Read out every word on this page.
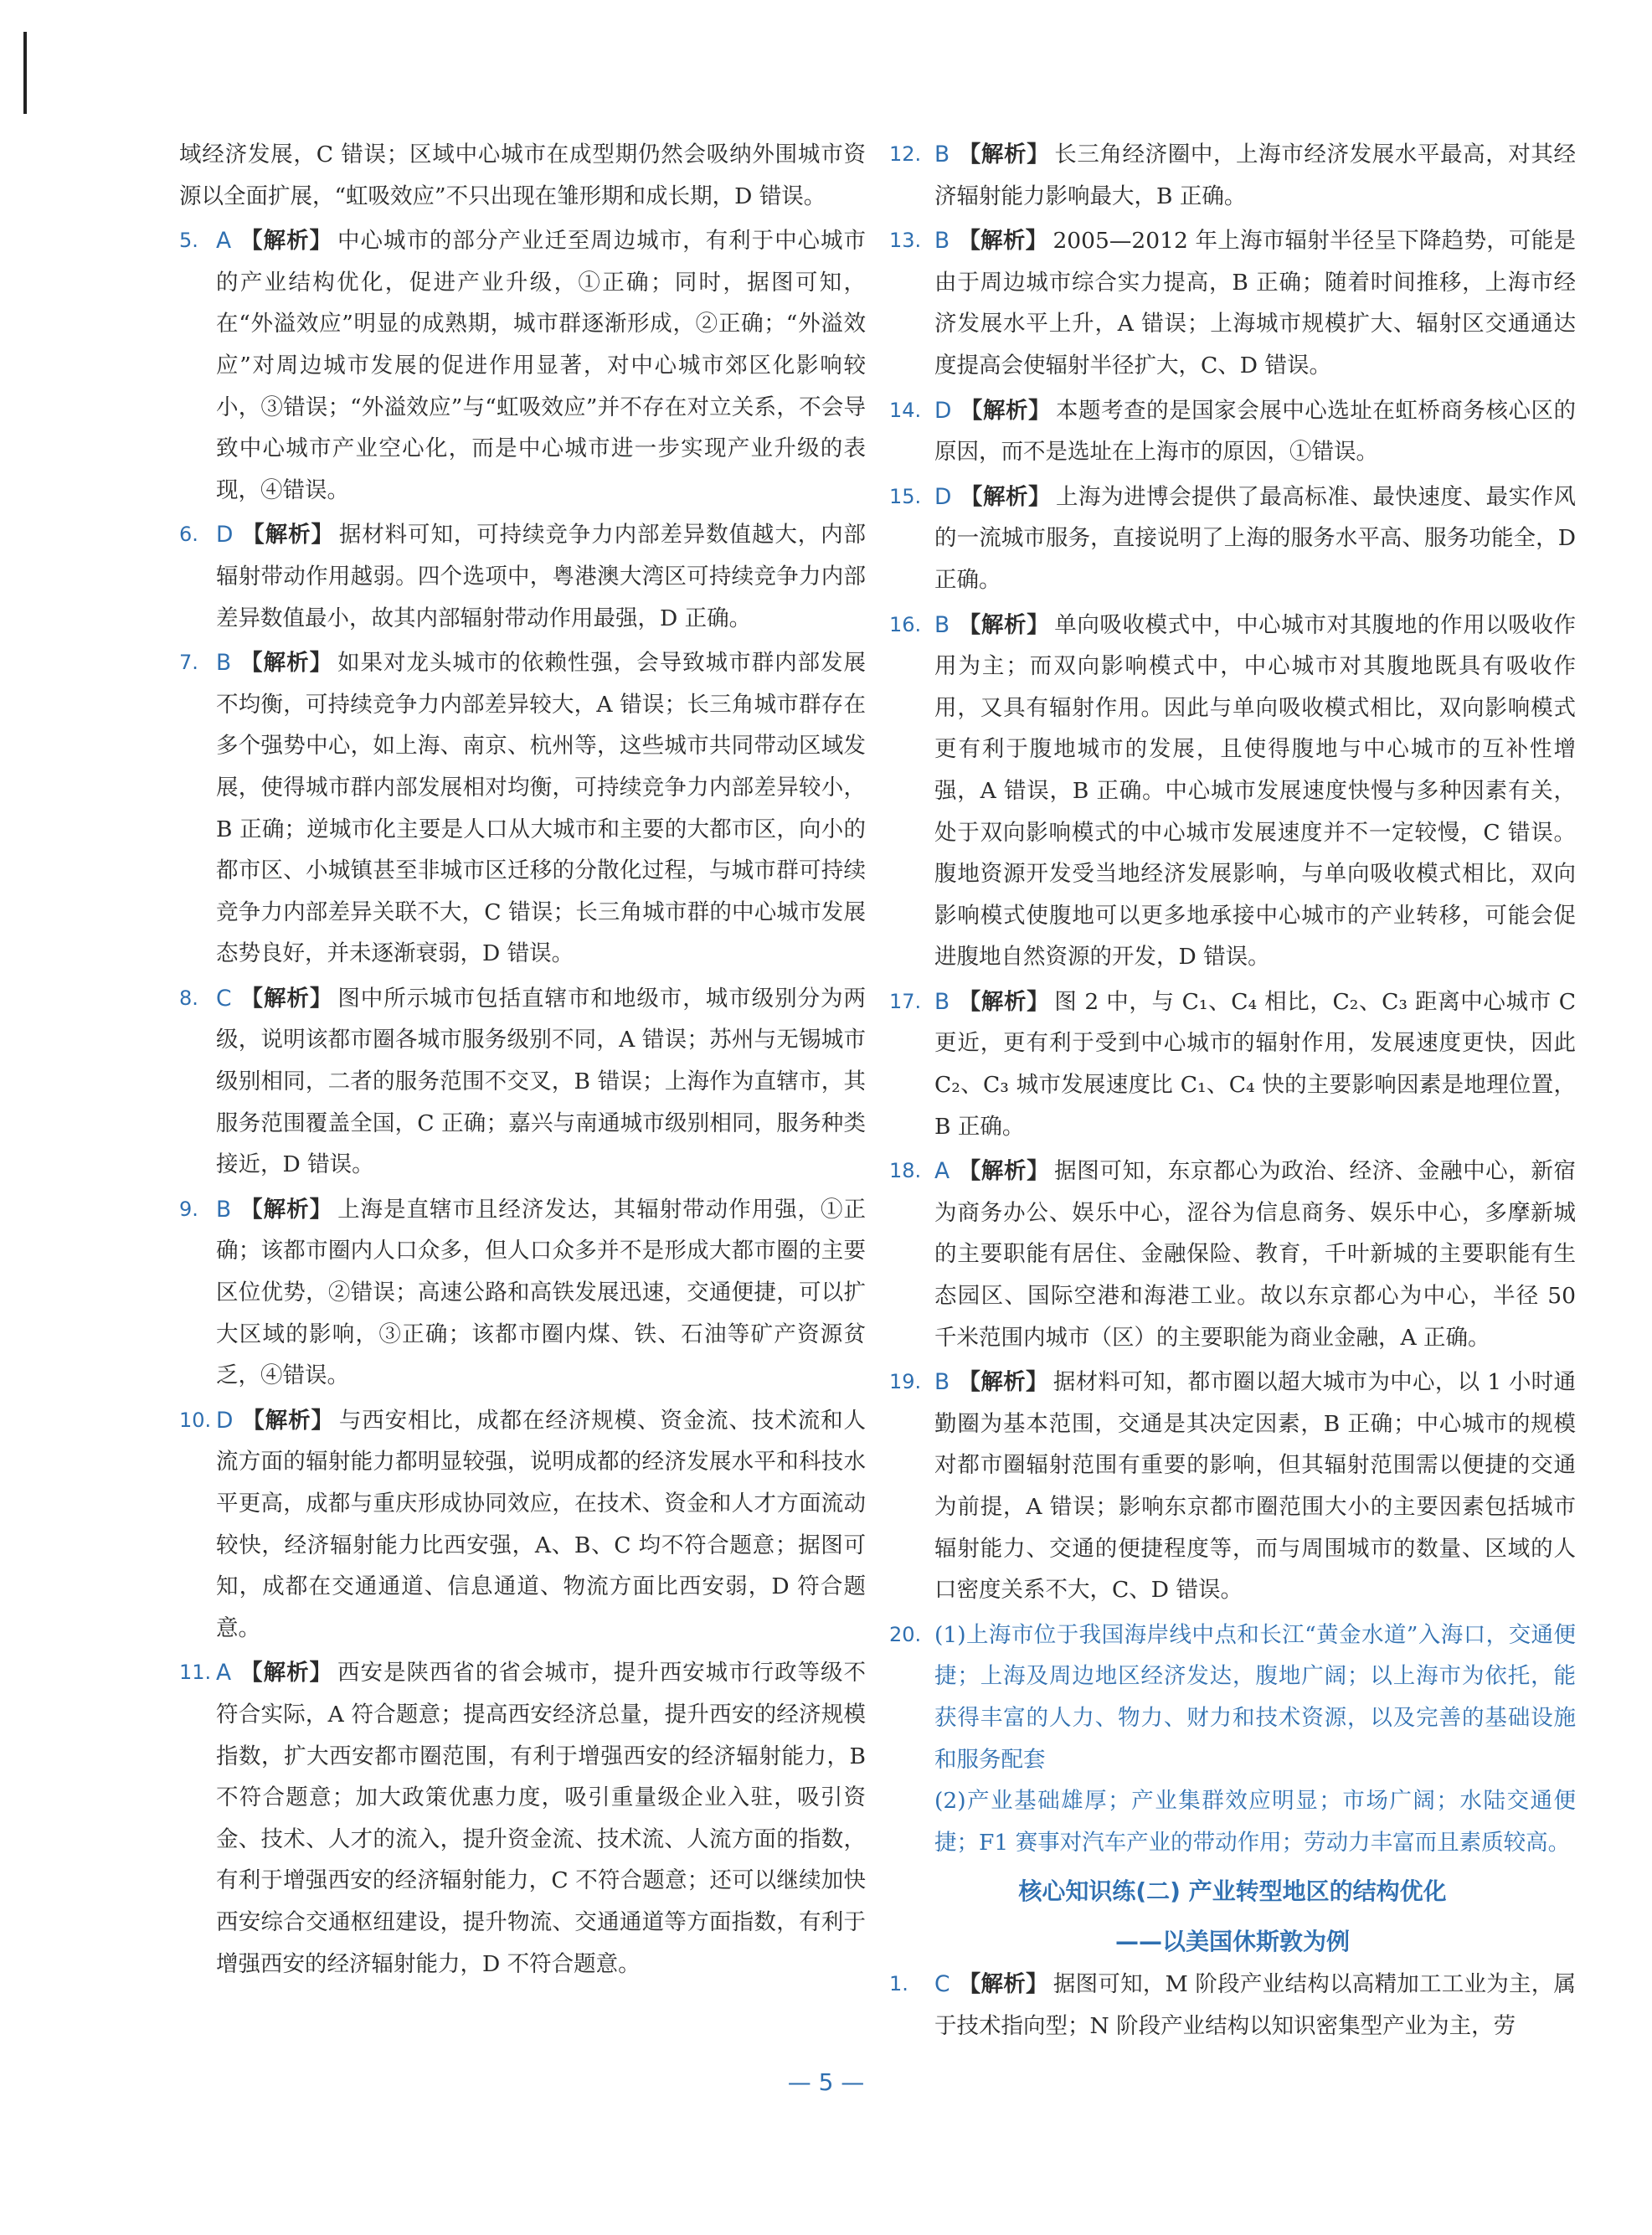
域经济发展，C 错误；区域中心城市在成型期仍然会吸纳外围城市资源以全面扩展，“虹吸效应”不只出现在雏形期和成长期，D 错误。

5. A 【解析】 中心城市的部分产业迁至周边城市，有利于中心城市的产业结构优化，促进产业升级，①正确；同时，据图可知，在“外溢效应”明显的成熟期，城市群逐渐形成，②正确；“外溢效应”对周边城市发展的促进作用显著，对中心城市郊区化影响较小，③错误；“外溢效应”与“虹吸效应”并不存在对立关系，不会导致中心城市产业空心化，而是中心城市进一步实现产业升级的表现，④错误。

6. D 【解析】 据材料可知，可持续竞争力内部差异数值越大，内部辐射带动作用越弱。四个选项中，粤港澳大湾区可持续竞争力内部差异数值最小，故其内部辐射带动作用最强，D 正确。

7. B 【解析】 如果对龙头城市的依赖性强，会导致城市群内部发展不均衡，可持续竞争力内部差异较大，A 错误；长三角城市群存在多个强势中心，如上海、南京、杭州等，这些城市共同带动区域发展，使得城市群内部发展相对均衡，可持续竞争力内部差异较小，B 正确；逆城市化主要是人口从大城市和主要的大都市区，向小的都市区、小城镇甚至非城市区迁移的分散化过程，与城市群可持续竞争力内部差异关联不大，C 错误；长三角城市群的中心城市发展态势良好，并未逐渐衰弱，D 错误。

8. C 【解析】 图中所示城市包括直辖市和地级市，城市级别分为两级，说明该都市圈各城市服务级别不同，A 错误；苏州与无锡城市级别相同，二者的服务范围不交叉，B 错误；上海作为直辖市，其服务范围覆盖全国，C 正确；嘉兴与南通城市级别相同，服务种类接近，D 错误。

9. B 【解析】 上海是直辖市且经济发达，其辐射带动作用强，①正确；该都市圈内人口众多，但人口众多并不是形成大都市圈的主要区位优势，②错误；高速公路和高铁发展迅速，交通便捷，可以扩大区域的影响，③正确；该都市圈内煤、铁、石油等矿产资源贫乏，④错误。

10. D 【解析】 与西安相比，成都在经济规模、资金流、技术流和人流方面的辐射能力都明显较强，说明成都的经济发展水平和科技水平更高，成都与重庆形成协同效应，在技术、资金和人才方面流动较快，经济辐射能力比西安强，A、B、C 均不符合题意；据图可知，成都在交通通道、信息通道、物流方面比西安弱，D 符合题意。

11. A 【解析】 西安是陕西省的省会城市，提升西安城市行政等级不符合实际，A 符合题意；提高西安经济总量，提升西安的经济规模指数，扩大西安都市圈范围，有利于增强西安的经济辐射能力，B 不符合题意；加大政策优惠力度，吸引重量级企业入驻，吸引资金、技术、人才的流入，提升资金流、技术流、人流方面的指数，有利于增强西安的经济辐射能力，C 不符合题意；还可以继续加快西安综合交通枢纽建设，提升物流、交通通道等方面指数，有利于增强西安的经济辐射能力，D 不符合题意。

12. B 【解析】 长三角经济圈中，上海市经济发展水平最高，对其经济辐射能力影响最大，B 正确。

13. B 【解析】 2005—2012 年上海市辐射半径呈下降趋势，可能是由于周边城市综合实力提高，B 正确；随着时间推移，上海市经济发展水平上升，A 错误；上海城市规模扩大、辐射区交通通达度提高会使辐射半径扩大，C、D 错误。

14. D 【解析】 本题考查的是国家会展中心选址在虹桥商务核心区的原因，而不是选址在上海市的原因，①错误。

15. D 【解析】 上海为进博会提供了最高标准、最快速度、最实作风的一流城市服务，直接说明了上海的服务水平高、服务功能全，D 正确。

16. B 【解析】 单向吸收模式中，中心城市对其腹地的作用以吸收作用为主；而双向影响模式中，中心城市对其腹地既具有吸收作用，又具有辐射作用。因此与单向吸收模式相比，双向影响模式更有利于腹地城市的发展，且使得腹地与中心城市的互补性增强，A 错误，B 正确。中心城市发展速度快慢与多种因素有关，处于双向影响模式的中心城市发展速度并不一定较慢，C 错误。腹地资源开发受当地经济发展影响，与单向吸收模式相比，双向影响模式使腹地可以更多地承接中心城市的产业转移，可能会促进腹地自然资源的开发，D 错误。

17. B 【解析】 图 2 中，与 C₁、C₄ 相比，C₂、C₃ 距离中心城市 C 更近，更有利于受到中心城市的辐射作用，发展速度更快，因此 C₂、C₃ 城市发展速度比 C₁、C₄ 快的主要影响因素是地理位置，B 正确。

18. A 【解析】 据图可知，东京都心为政治、经济、金融中心，新宿为商务办公、娱乐中心，涩谷为信息商务、娱乐中心，多摩新城的主要职能有居住、金融保险、教育，千叶新城的主要职能有生态园区、国际空港和海港工业。故以东京都心为中心，半径 50 千米范围内城市（区）的主要职能为商业金融，A 正确。

19. B 【解析】 据材料可知，都市圈以超大城市为中心，以 1 小时通勤圈为基本范围，交通是其决定因素，B 正确；中心城市的规模对都市圈辐射范围有重要的影响，但其辐射范围需以便捷的交通为前提，A 错误；影响东京都市圈范围大小的主要因素包括城市辐射能力、交通的便捷程度等，而与周围城市的数量、区域的人口密度关系不大，C、D 错误。

20. (1)上海市位于我国海岸线中点和长江“黄金水道”入海口，交通便捷；上海及周边地区经济发达，腹地广阔；以上海市为依托，能获得丰富的人力、物力、财力和技术资源，以及完善的基础设施和服务配套
(2)产业基础雄厚；产业集群效应明显；市场广阔；水陆交通便捷；F1 赛事对汽车产业的带动作用；劳动力丰富而且素质较高。
核心知识练(二) 产业转型地区的结构优化
——以美国休斯敦为例

1. C 【解析】 据图可知，M 阶段产业结构以高精加工工业为主，属于技术指向型；N 阶段产业结构以知识密集型产业为主，劳

— 5 —
